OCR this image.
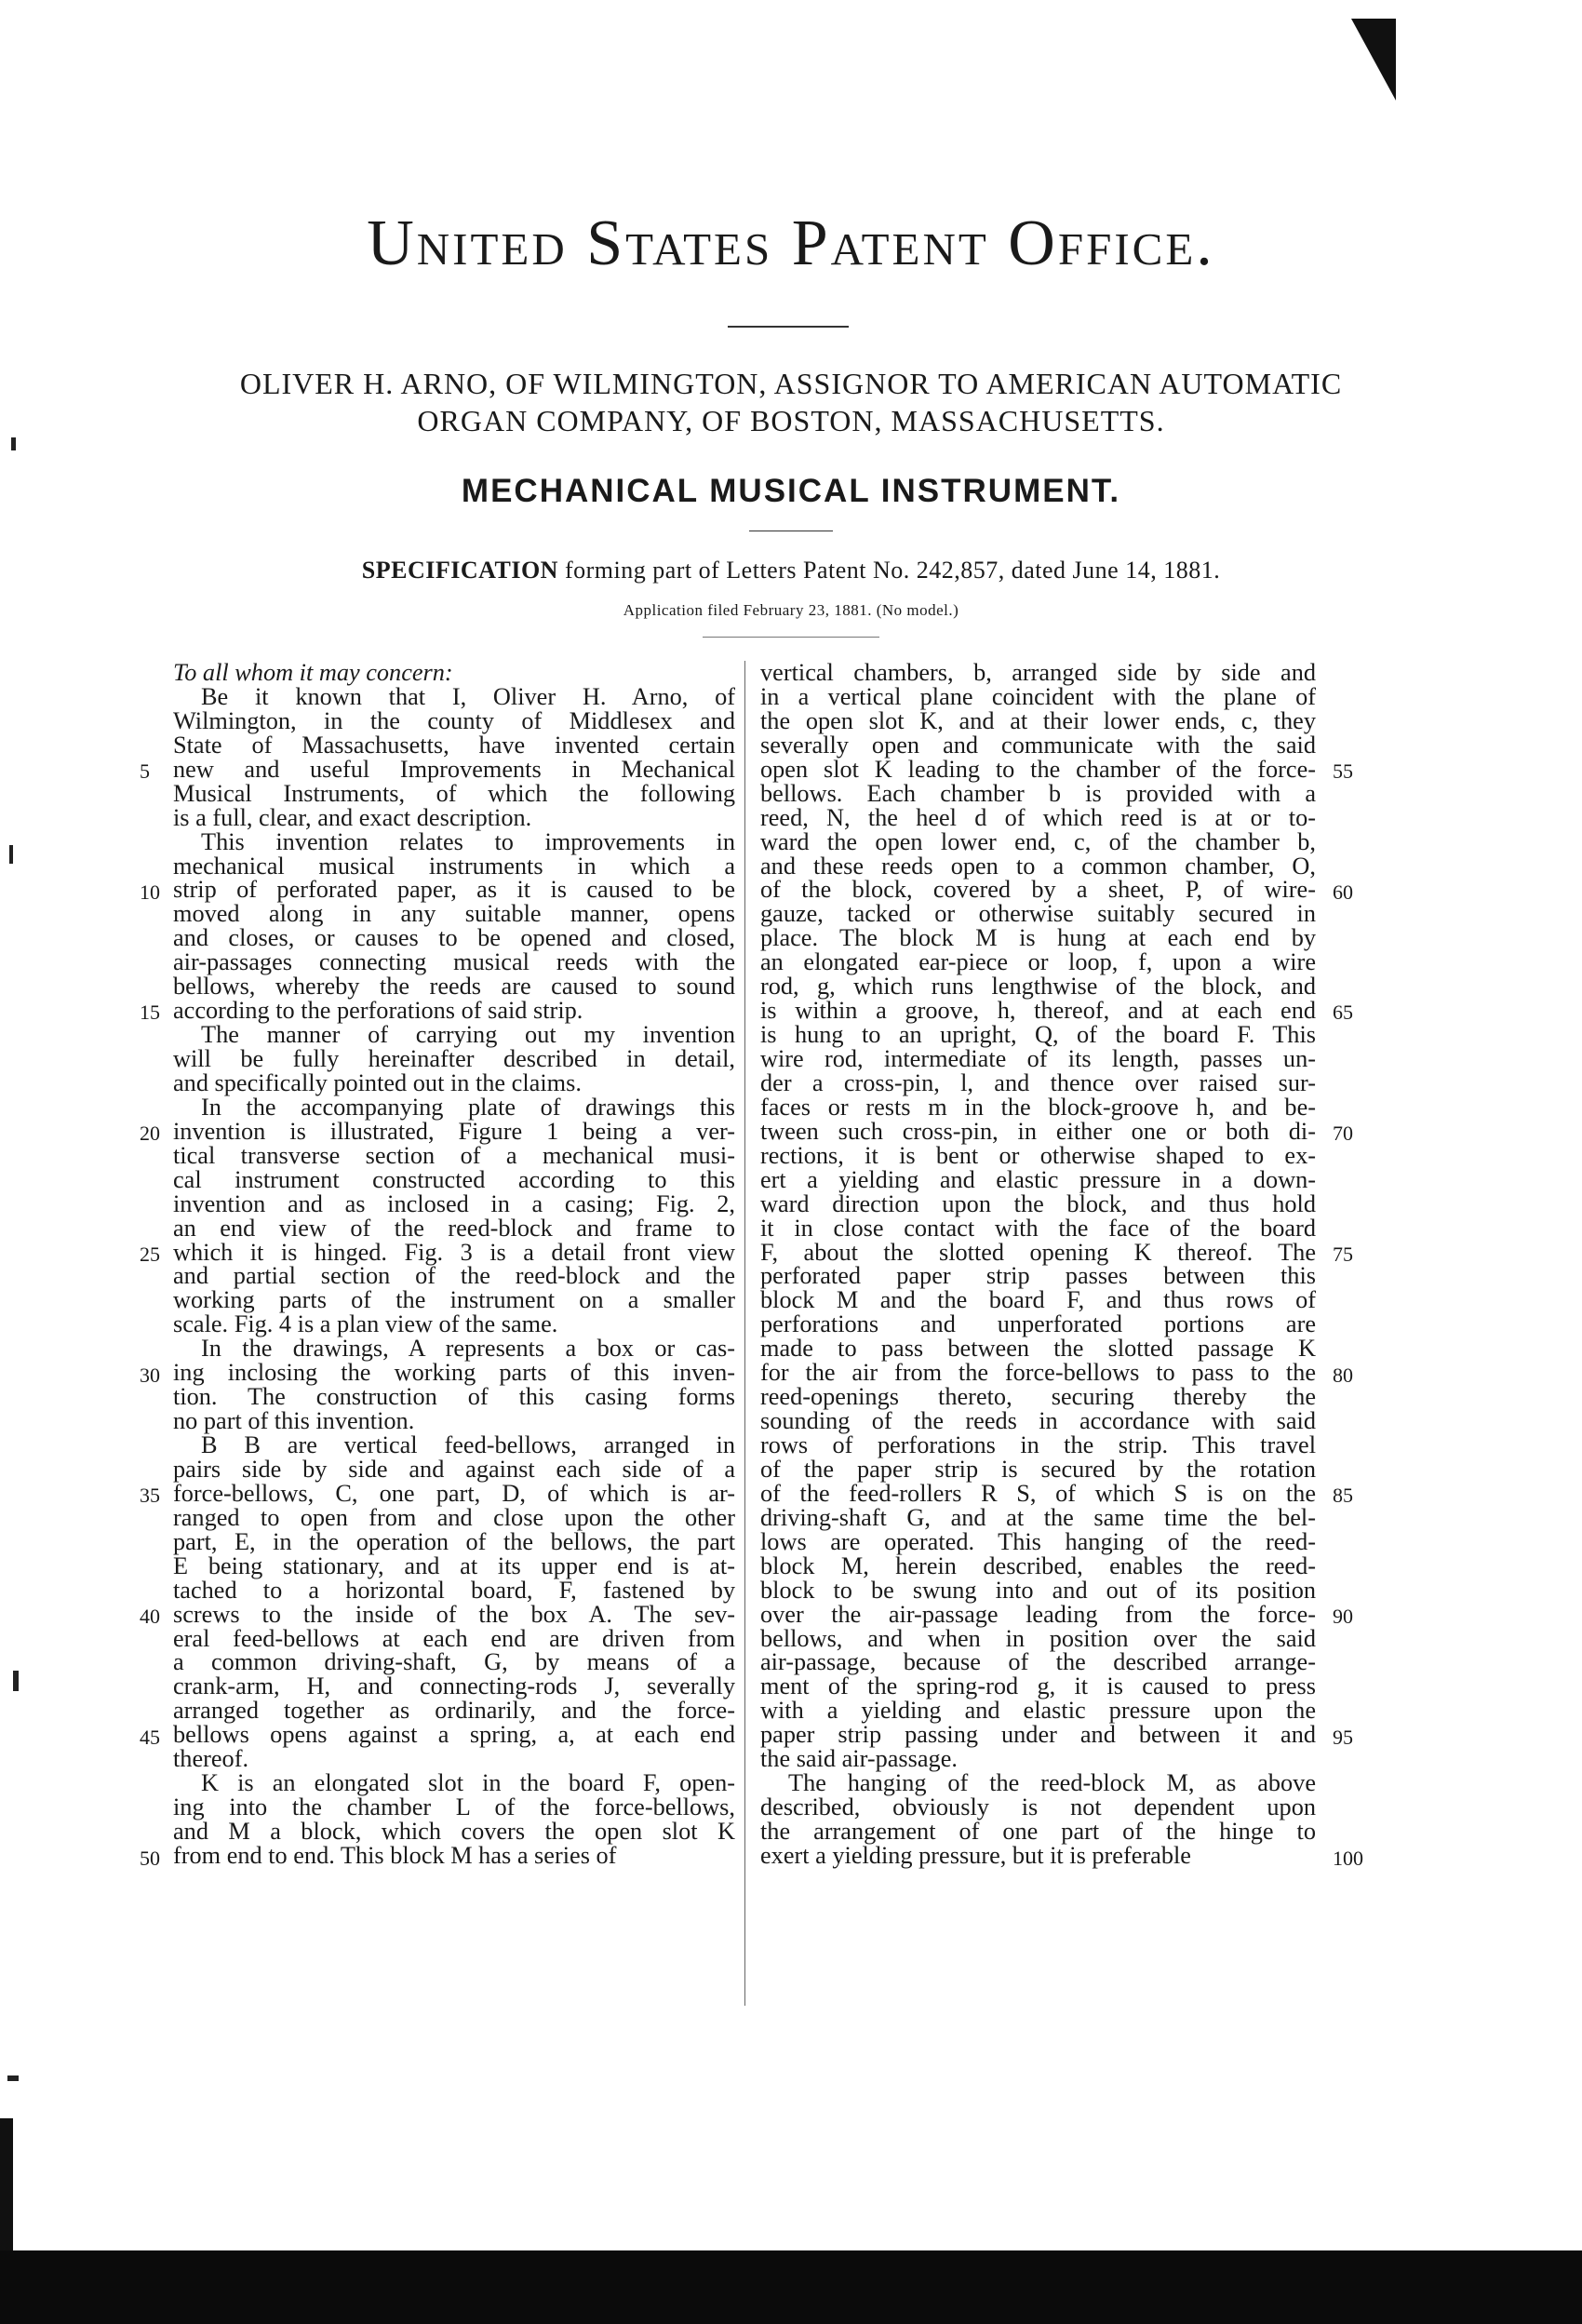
United States Patent Office.
OLIVER H. ARNO, OF WILMINGTON, ASSIGNOR TO AMERICAN AUTOMATIC
ORGAN COMPANY, OF BOSTON, MASSACHUSETTS.
MECHANICAL MUSICAL INSTRUMENT.
SPECIFICATION forming part of Letters Patent No. 242,857, dated June 14, 1881.
Application filed February 23, 1881. (No model.)
To all whom it may concern:
Be it known that I, Oliver H. Arno, of
Wilmington, in the county of Middlesex and
State of Massachusetts, have invented certain
new and useful Improvements in Mechanical
Musical Instruments, of which the following
is a full, clear, and exact description.
This invention relates to improvements in
mechanical musical instruments in which a
strip of perforated paper, as it is caused to be
moved along in any suitable manner, opens
and closes, or causes to be opened and closed,
air-passages connecting musical reeds with the
bellows, whereby the reeds are caused to sound
according to the perforations of said strip.
The manner of carrying out my invention
will be fully hereinafter described in detail,
and specifically pointed out in the claims.
In the accompanying plate of drawings this
invention is illustrated, Figure 1 being a ver-
tical transverse section of a mechanical musi-
cal instrument constructed according to this
invention and as inclosed in a casing; Fig. 2,
an end view of the reed-block and frame to
which it is hinged. Fig. 3 is a detail front view
and partial section of the reed-block and the
working parts of the instrument on a smaller
scale. Fig. 4 is a plan view of the same.
In the drawings, A represents a box or cas-
ing inclosing the working parts of this inven-
tion. The construction of this casing forms
no part of this invention.
B B are vertical feed-bellows, arranged in
pairs side by side and against each side of a
force-bellows, C, one part, D, of which is ar-
ranged to open from and close upon the other
part, E, in the operation of the bellows, the part
E being stationary, and at its upper end is at-
tached to a horizontal board, F, fastened by
screws to the inside of the box A. The sev-
eral feed-bellows at each end are driven from
a common driving-shaft, G, by means of a
crank-arm, H, and connecting-rods J, severally
arranged together as ordinarily, and the force-
bellows opens against a spring, a, at each end
thereof.
K is an elongated slot in the board F, open-
ing into the chamber L of the force-bellows,
and M a block, which covers the open slot K
from end to end. This block M has a series of
vertical chambers, b, arranged side by side and
in a vertical plane coincident with the plane of
the open slot K, and at their lower ends, c, they
severally open and communicate with the said
open slot K leading to the chamber of the force-
bellows. Each chamber b is provided with a
reed, N, the heel d of which reed is at or to-
ward the open lower end, c, of the chamber b,
and these reeds open to a common chamber, O,
of the block, covered by a sheet, P, of wire-
gauze, tacked or otherwise suitably secured in
place. The block M is hung at each end by
an elongated ear-piece or loop, f, upon a wire
rod, g, which runs lengthwise of the block, and
is within a groove, h, thereof, and at each end
is hung to an upright, Q, of the board F. This
wire rod, intermediate of its length, passes un-
der a cross-pin, l, and thence over raised sur-
faces or rests m in the block-groove h, and be-
tween such cross-pin, in either one or both di-
rections, it is bent or otherwise shaped to ex-
ert a yielding and elastic pressure in a down-
ward direction upon the block, and thus hold
it in close contact with the face of the board
F, about the slotted opening K thereof. The
perforated paper strip passes between this
block M and the board F, and thus rows of
perforations and unperforated portions are
made to pass between the slotted passage K
for the air from the force-bellows to pass to the
reed-openings thereto, securing thereby the
sounding of the reeds in accordance with said
rows of perforations in the strip. This travel
of the paper strip is secured by the rotation
of the feed-rollers R S, of which S is on the
driving-shaft G, and at the same time the bel-
lows are operated. This hanging of the reed-
block M, herein described, enables the reed-
block to be swung into and out of its position
over the air-passage leading from the force-
bellows, and when in position over the said
air-passage, because of the described arrange-
ment of the spring-rod g, it is caused to press
with a yielding and elastic pressure upon the
paper strip passing under and between it and
the said air-passage.
The hanging of the reed-block M, as above
described, obviously is not dependent upon
the arrangement of one part of the hinge to
exert a yielding pressure, but it is preferable
5
10
15
20
25
30
35
40
45
50
55
60
65
70
75
80
85
90
95
100
